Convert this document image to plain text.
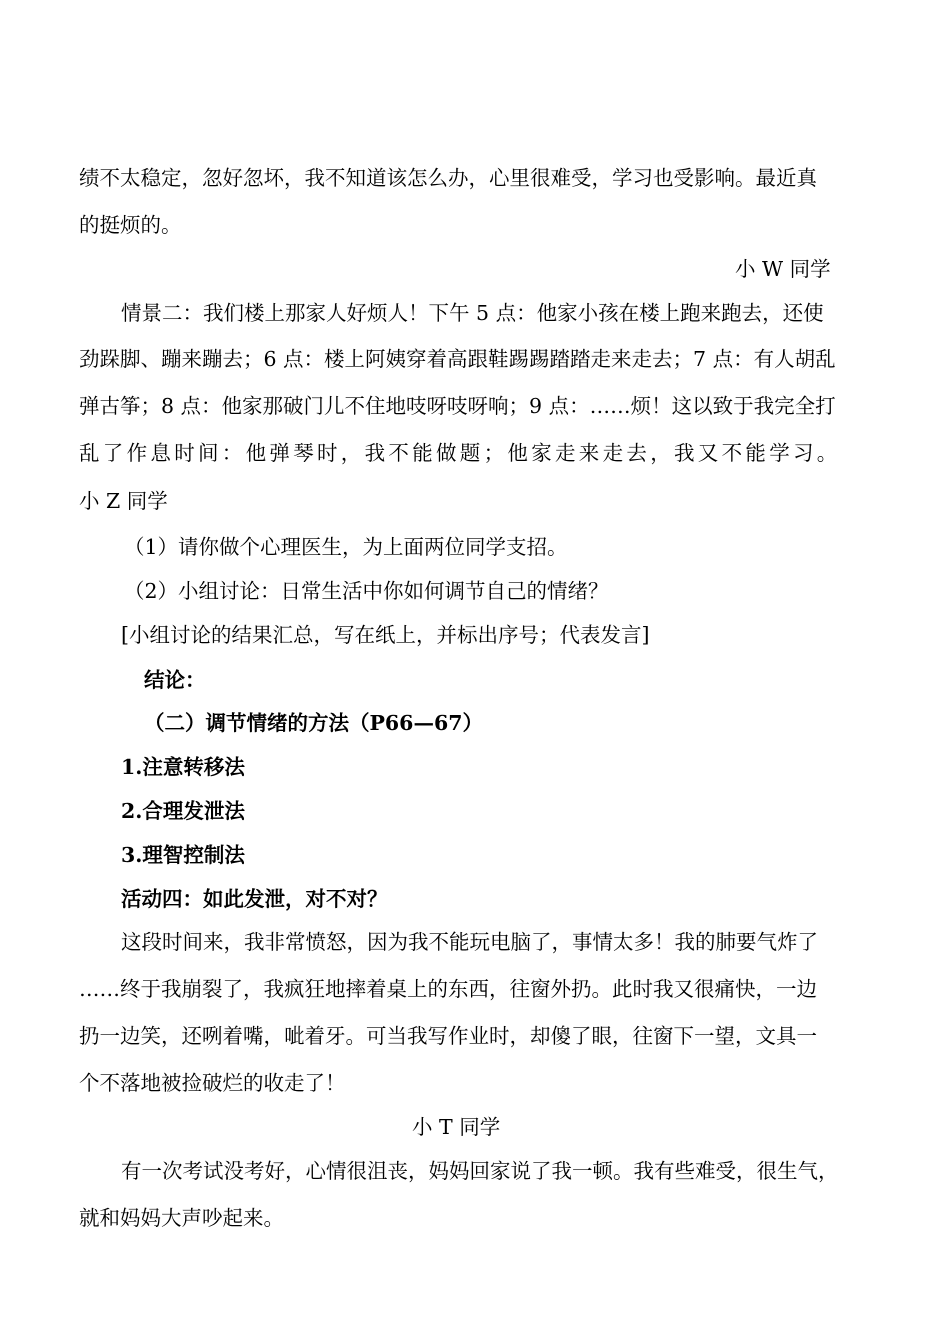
绩不太稳定，忽好忽坏，我不知道该怎么办，心里很难受，学习也受影响。最近真
的挺烦的。
小 W 同学
情景二：我们楼上那家人好烦人！下午 5 点：他家小孩在楼上跑来跑去，还使
劲跺脚、蹦来蹦去；6 点：楼上阿姨穿着高跟鞋踢踢踏踏走来走去；7 点：有人胡乱
弹古筝；8 点：他家那破门儿不住地吱呀吱呀响；9 点：……烦！这以致于我完全打
乱了作息时间：他弹琴时，我不能做题；他家走来走去，我又不能学习。
小 Z 同学
（1）请你做个心理医生，为上面两位同学支招。
（2）小组讨论：日常生活中你如何调节自己的情绪？
[小组讨论的结果汇总，写在纸上，并标出序号；代表发言]
结论：
（二）调节情绪的方法（P66—67）
1.注意转移法
2.合理发泄法
3.理智控制法
活动四：如此发泄，对不对？
这段时间来，我非常愤怒，因为我不能玩电脑了，事情太多！我的肺要气炸了
……终于我崩裂了，我疯狂地摔着桌上的东西，往窗外扔。此时我又很痛快，一边
扔一边笑，还咧着嘴，呲着牙。可当我写作业时，却傻了眼，往窗下一望，文具一
个不落地被捡破烂的收走了！
小 T 同学
有一次考试没考好，心情很沮丧，妈妈回家说了我一顿。我有些难受，很生气，
就和妈妈大声吵起来。
